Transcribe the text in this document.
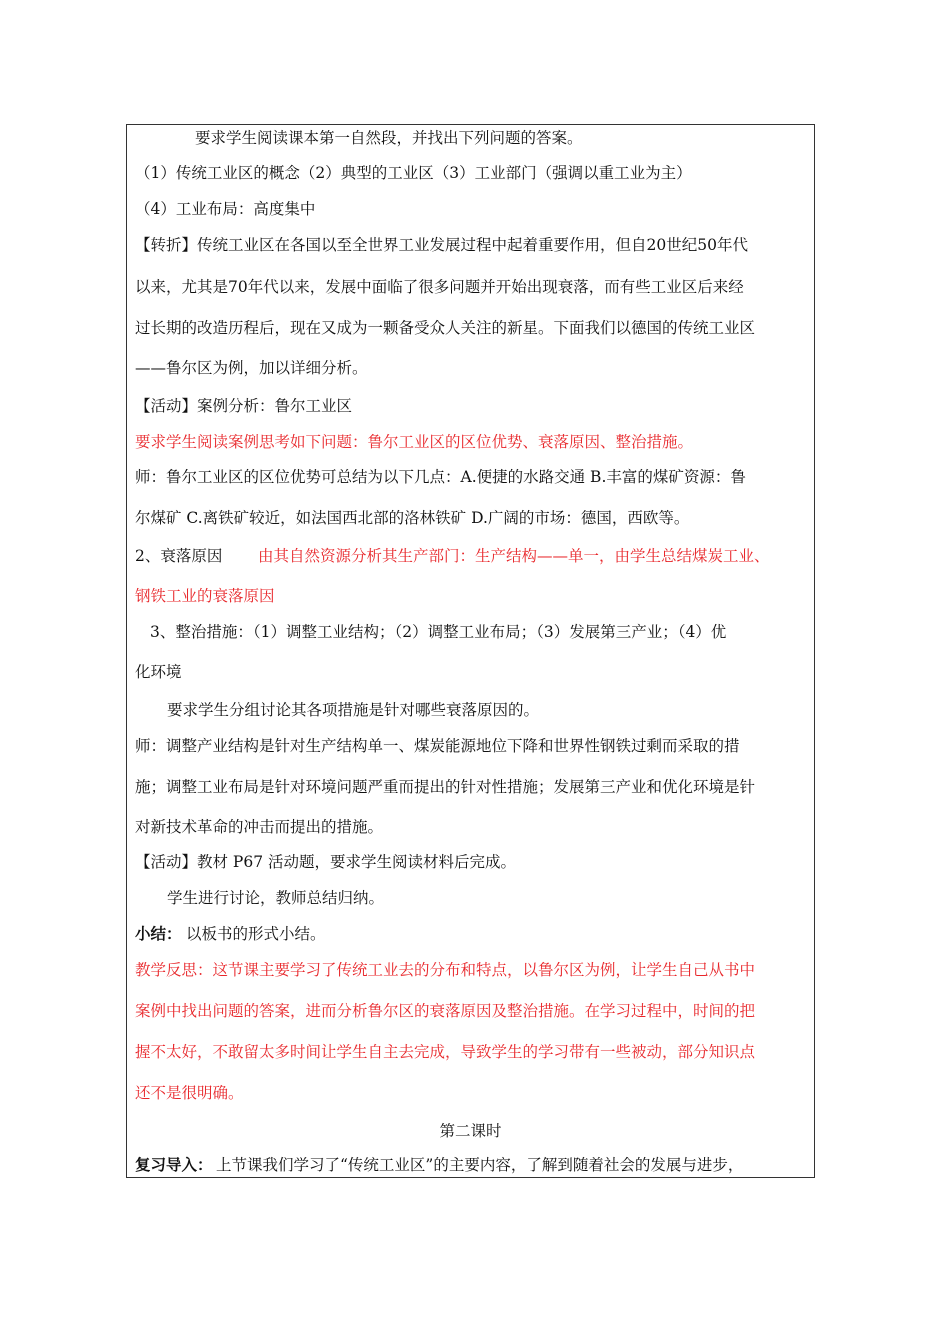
要求学生阅读课本第一自然段，并找出下列问题的答案。
（1）传统工业区的概念（2）典型的工业区（3）工业部门（强调以重工业为主）
（4）工业布局：高度集中
【转折】传统工业区在各国以至全世界工业发展过程中起着重要作用，但自20世纪50年代
以来，尤其是70年代以来，发展中面临了很多问题并开始出现衰落，而有些工业区后来经
过长期的改造历程后，现在又成为一颗备受众人关注的新星。下面我们以德国的传统工业区
——鲁尔区为例，加以详细分析。
【活动】案例分析：鲁尔工业区
要求学生阅读案例思考如下问题：鲁尔工业区的区位优势、衰落原因、整治措施。
师：鲁尔工业区的区位优势可总结为以下几点：A.便捷的水路交通 B.丰富的煤矿资源：鲁
尔煤矿 C.离铁矿较近，如法国西北部的洛林铁矿 D.广阔的市场：德国，西欧等。
2、衰落原因 由其自然资源分析其生产部门：生产结构——单一，由学生总结煤炭工业、
钢铁工业的衰落原因
3、整治措施：（1）调整工业结构；（2）调整工业布局；（3）发展第三产业；（4）优
化环境
要求学生分组讨论其各项措施是针对哪些衰落原因的。
师：调整产业结构是针对生产结构单一、煤炭能源地位下降和世界性钢铁过剩而采取的措
施；调整工业布局是针对环境问题严重而提出的针对性措施；发展第三产业和优化环境是针
对新技术革命的冲击而提出的措施。
【活动】教材 P67 活动题，要求学生阅读材料后完成。
学生进行讨论，教师总结归纳。
小结： 以板书的形式小结。
教学反思：这节课主要学习了传统工业去的分布和特点，以鲁尔区为例，让学生自己从书中
案例中找出问题的答案，进而分析鲁尔区的衰落原因及整治措施。在学习过程中，时间的把
握不太好，不敢留太多时间让学生自主去完成，导致学生的学习带有一些被动，部分知识点
还不是很明确。
第二课时
复习导入： 上节课我们学习了“传统工业区”的主要内容，了解到随着社会的发展与进步，
